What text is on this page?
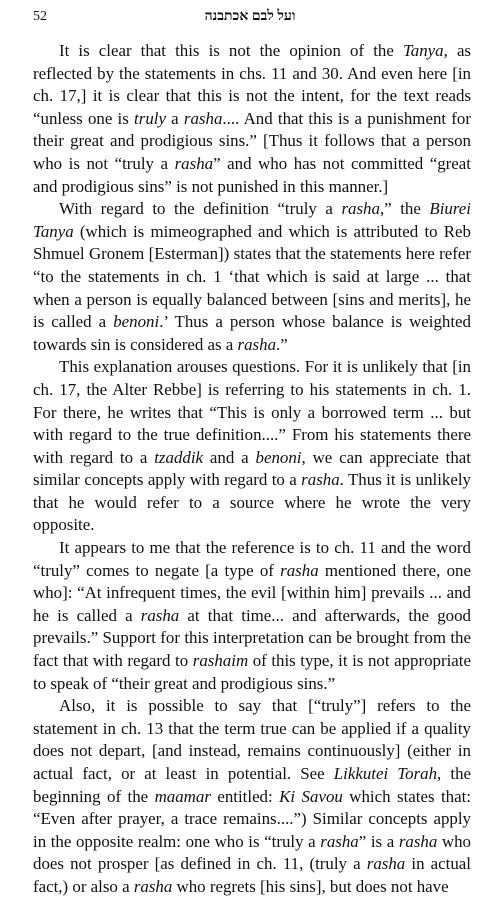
52	ועל לבם אכתבנה

It is clear that this is not the opinion of the Tanya, as reflected by the statements in chs. 11 and 30. And even here [in ch. 17,] it is clear that this is not the intent, for the text reads “unless one is truly a rasha.... And that this is a punishment for their great and prodigious sins.” [Thus it follows that a person who is not “truly a rasha” and who has not committed “great and prodigious sins” is not punished in this manner.]

With regard to the definition “truly a rasha,” the Biurei Tanya (which is mimeographed and which is attributed to Reb Shmuel Gronem [Esterman]) states that the statements here refer “to the statements in ch. 1 ‘that which is said at large ... that when a person is equally balanced between [sins and merits], he is called a benoni.’ Thus a person whose balance is weighted towards sin is considered as a rasha.”

This explanation arouses questions. For it is unlikely that [in ch. 17, the Alter Rebbe] is referring to his statements in ch. 1. For there, he writes that “This is only a borrowed term ... but with regard to the true definition....” From his statements there with regard to a tzaddik and a benoni, we can appreciate that similar concepts apply with regard to a rasha. Thus it is unlikely that he would refer to a source where he wrote the very opposite.

It appears to me that the reference is to ch. 11 and the word “truly” comes to negate [a type of rasha mentioned there, one who]: “At infrequent times, the evil [within him] prevails ... and he is called a rasha at that time... and afterwards, the good prevails.” Support for this interpretation can be brought from the fact that with regard to rashaim of this type, it is not appropriate to speak of “their great and prodigious sins.”

Also, it is possible to say that [“truly”] refers to the statement in ch. 13 that the term true can be applied if a quality does not depart, [and instead, remains continuously] (either in actual fact, or at least in potential. See Likkutei Torah, the beginning of the maamar entitled: Ki Savou which states that: “Even after prayer, a trace remains....”) Similar concepts apply in the opposite realm: one who is “truly a rasha” is a rasha who does not prosper [as defined in ch. 11, (truly a rasha in actual fact,) or also a rasha who regrets [his sins], but does not have
